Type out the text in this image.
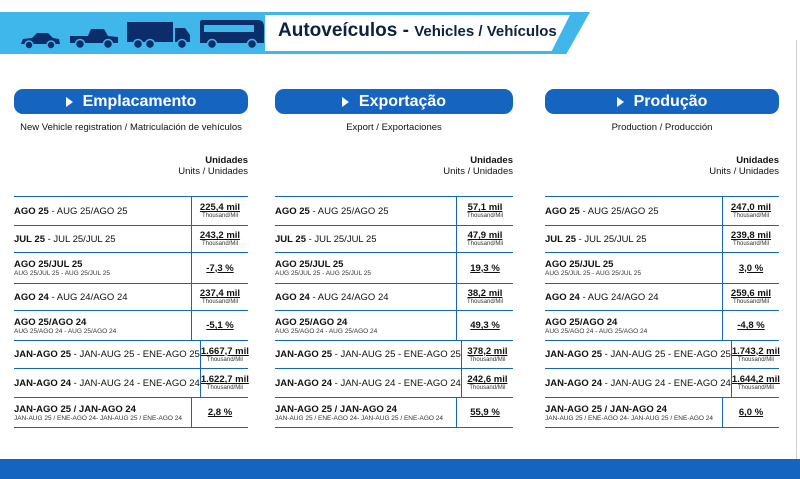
Autoveículos - Vehicles / Vehículos
Emplacamento
New Vehicle registration / Matriculación de vehículos
Unidades
Units / Unidades
AGO 25 - AUG 25/AGO 25	225,4 mil
Thousand/Mil
JUL 25 - JUL 25/JUL 25	243,2 mil
Thousand/Mil
AGO 25/JUL 25
AUG 25/JUL 25 - AUG 25/JUL 25	-7,3 %
AGO 24 - AUG 24/AGO 24	237,4 mil
Thousand/Mil
AGO 25/AGO 24
AUG 25/AGO 24 - AUG 25/AGO 24	-5,1 %
JAN-AGO 25 - JAN-AUG 25 - ENE-AGO 25 1.667,7 mil
Thousand/Mil
JAN-AGO 24 - JAN-AUG 24 - ENE-AGO 24 1.622,7 mil
Thousand/Mil
JAN-AGO 25 / JAN-AGO 24
JAN-AUG 25 / ENE-AGO 24- JAN-AUG 25 / ENE-AGO 24	2,8 %
Exportação
Export / Exportaciones
Unidades
Units / Unidades
AGO 25 - AUG 25/AGO 25	57,1 mil
Thousand/Mil
JUL 25 - JUL 25/JUL 25	47,9 mil
Thousand/Mil
AGO 25/JUL 25
AUG 25/JUL 25 - AUG 25/JUL 25	19,3 %
AGO 24 - AUG 24/AGO 24	38,2 mil
Thousand/Mil
AGO 25/AGO 24
AUG 25/AGO 24 - AUG 25/AGO 24	49,3 %
JAN-AGO 25 - JAN-AUG 25 - ENE-AGO 25 378,2 mil
Thousand/Mil
JAN-AGO 24 - JAN-AUG 24 - ENE-AGO 24 242,6 mil
Thousand/Mil
JAN-AGO 25 / JAN-AGO 24
JAN-AUG 25 / ENE-AGO 24- JAN-AUG 25 / ENE-AGO 24	55,9 %
Produção
Production / Producción
Unidades
Units / Unidades
AGO 25 - AUG 25/AGO 25	247,0 mil
Thousand/Mil
JUL 25 - JUL 25/JUL 25	239,8 mil
Thousand/Mil
AGO 25/JUL 25
AUG 25/JUL 25 - AUG 25/JUL 25	3,0 %
AGO 24 - AUG 24/AGO 24	259,6 mil
Thousand/Mil
AGO 25/AGO 24
AUG 25/AGO 24 - AUG 25/AGO 24	-4,8 %
JAN-AGO 25 - JAN-AUG 25 - ENE-AGO 25 1.743,2 mil
Thousand/Mil
JAN-AGO 24 - JAN-AUG 24 - ENE-AGO 24 1.644,2 mil
Thousand/Mil
JAN-AGO 25 / JAN-AGO 24
JAN-AUG 25 / ENE-AGO 24- JAN-AUG 25 / ENE-AGO 24	6,0 %
